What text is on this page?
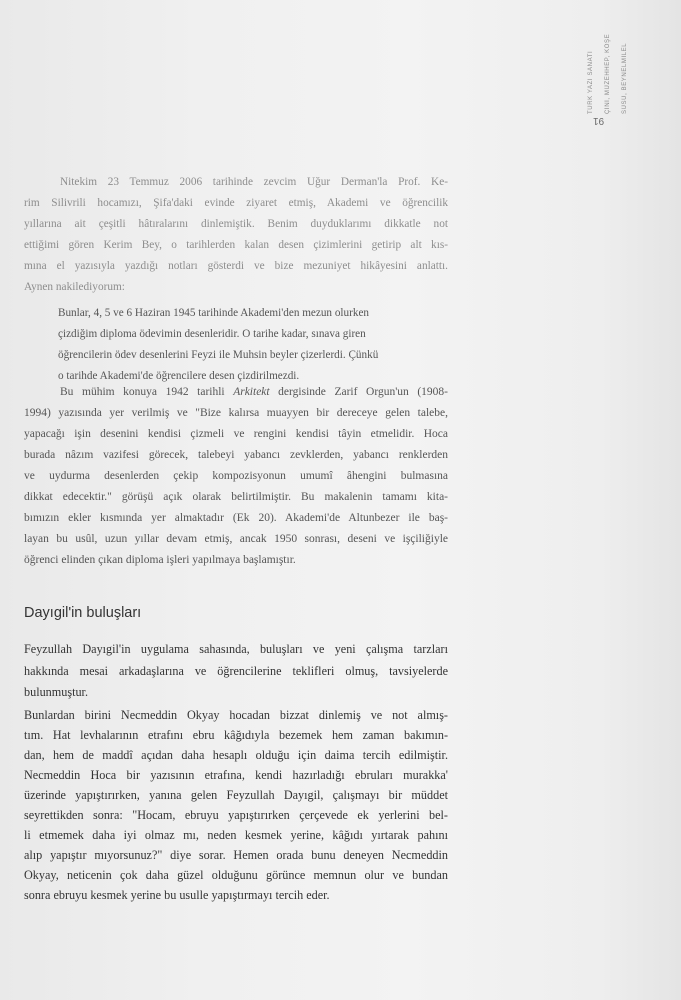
TÜRK YAZI SANATI ÇİNİ, MÜZEHHEP, KÖŞE SÜSÜ, BEYNELMİLEL
91
Nitekim 23 Temmuz 2006 tarihinde zevcim Uğur Derman'la Prof. Ke-
rim Silivrili hocamızı, Şifa'daki evinde ziyaret etmiş, Akademi ve öğrencilik
yıllarına ait çeşitli hâtıralarını dinlemiştik. Benim duyduklarımı dikkatle not
ettiğimi gören Kerim Bey, o tarihlerden kalan desen çizimlerini getirip alt kıs-
mına el yazısıyla yazdığı notları gösterdi ve bize mezuniyet hikâyesini anlattı.
Aynen nakilediyorum:
Bunlar, 4, 5 ve 6 Haziran 1945 tarihinde Akademi'den mezun olurken
çizdiğim diploma ödevimin desenleridir. O tarihe kadar, sınava giren
öğrencilerin ödev desenlerini Feyzi ile Muhsin beyler çizerlerdi. Çünkü
o tarihde Akademi'de öğrencilere desen çizdirilmezdi.
Bu mühim konuya 1942 tarihli Arkitekt dergisinde Zarif Orgun'un (1908-
1994) yazısında yer verilmiş ve "Bize kalırsa muayyen bir dereceye gelen talebe,
yapacağı işin desenini kendisi çizmeli ve rengini kendisi tâyin etmelidir. Hoca
burada nâzım vazifesi görecek, talebeyi yabancı zevklerden, yabancı renklerden
ve uydurma desenlerden çekip kompozisyonun umumî âhengini bulmasına
dikkat edecektir." görüşü açık olarak belirtilmiştir. Bu makalenin tamamı kita-
bımızın ekler kısmında yer almaktadır (Ek 20). Akademi'de Altunbezer ile baş-
layan bu usûl, uzun yıllar devam etmiş, ancak 1950 sonrası, deseni ve işçiliğiyle
öğrenci elinden çıkan diploma işleri yapılmaya başlamıştır.
Dayıgil'in buluşları
Feyzullah Dayıgil'in uygulama sahasında, buluşları ve yeni çalışma tarzları
hakkında mesai arkadaşlarına ve öğrencilerine teklifleri olmuş, tavsiyelerde
bulunmuştur.
Bunlardan birini Necmeddin Okyay hocadan bizzat dinlemiş ve not almış-
tım. Hat levhalarının etrafını ebru kâğıdıyla bezemek hem zaman bakımın-
dan, hem de maddî açıdan daha hesaplı olduğu için daima tercih edilmiştir.
Necmeddin Hoca bir yazısının etrafına, kendi hazırladığı ebruları murakka'
üzerinde yapıştırırken, yanına gelen Feyzullah Dayıgil, çalışmayı bir müddet
seyrettikden sonra: "Hocam, ebruyu yapıştırırken çerçevede ek yerlerini bel-
li etmemek daha iyi olmaz mı, neden kesmek yerine, kâğıdı yırtarak pahını
alıp yapıştır mıyorsunuz?" diye sorar. Hemen orada bunu deneyen Necmeddin
Okyay, neticenin çok daha güzel olduğunu görünce memnun olur ve bundan
sonra ebruyu kesmek yerine bu usulle yapıştırmayı tercih eder.
